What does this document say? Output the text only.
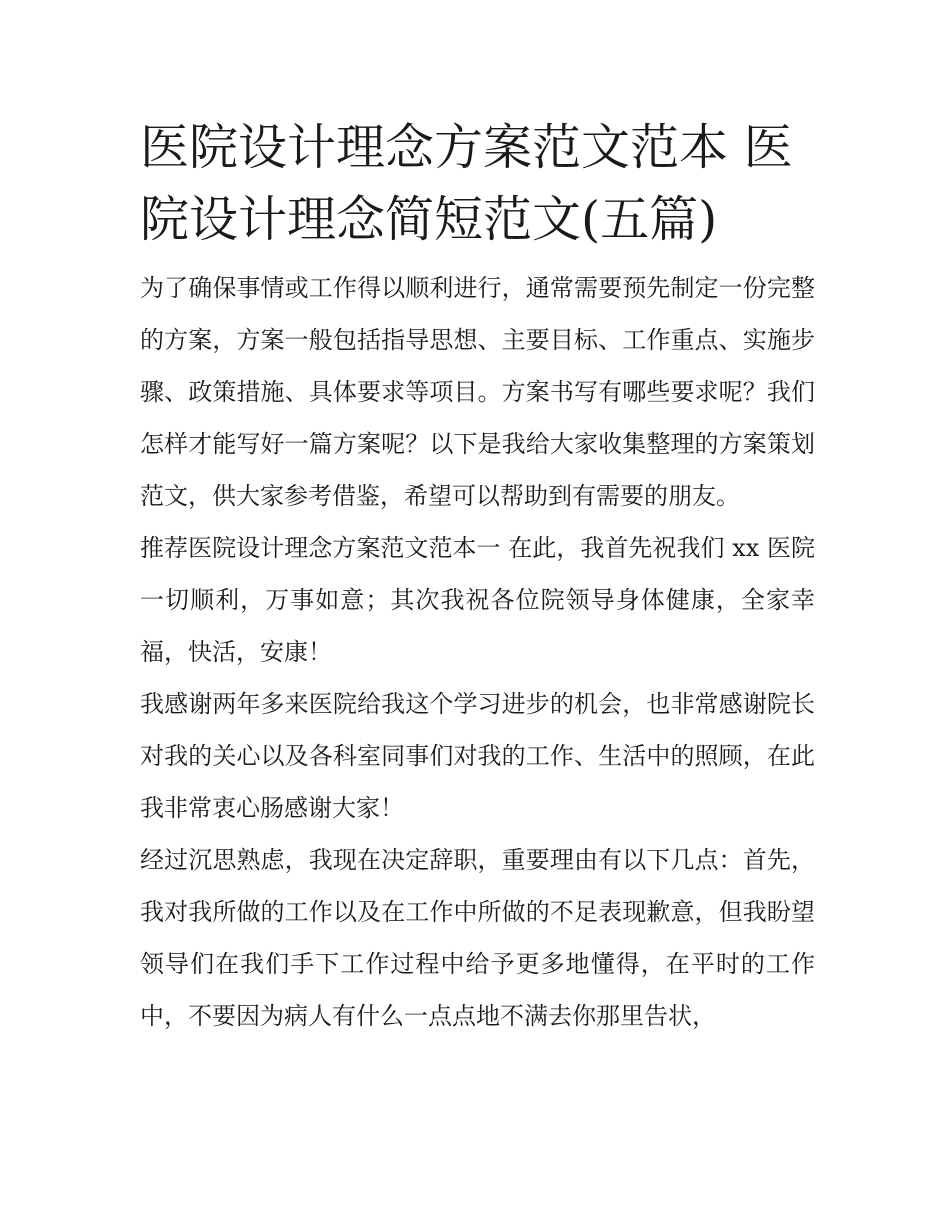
医院设计理念方案范文范本 医院设计理念简短范文(五篇)

为了确保事情或工作得以顺利进行，通常需要预先制定一份完整的方案，方案一般包括指导思想、主要目标、工作重点、实施步骤、政策措施、具体要求等项目。方案书写有哪些要求呢？我们怎样才能写好一篇方案呢？以下是我给大家收集整理的方案策划范文，供大家参考借鉴，希望可以帮助到有需要的朋友。

推荐医院设计理念方案范文范本一 在此，我首先祝我们 xx 医院一切顺利，万事如意；其次我祝各位院领导身体健康，全家幸福，快活，安康！

我感谢两年多来医院给我这个学习进步的机会，也非常感谢院长对我的关心以及各科室同事们对我的工作、生活中的照顾，在此我非常衷心肠感谢大家！

经过沉思熟虑，我现在决定辞职，重要理由有以下几点：首先，我对我所做的工作以及在工作中所做的不足表现歉意，但我盼望领导们在我们手下工作过程中给予更多地懂得，在平时的工作中，不要因为病人有什么一点点地不满去你那里告状，
